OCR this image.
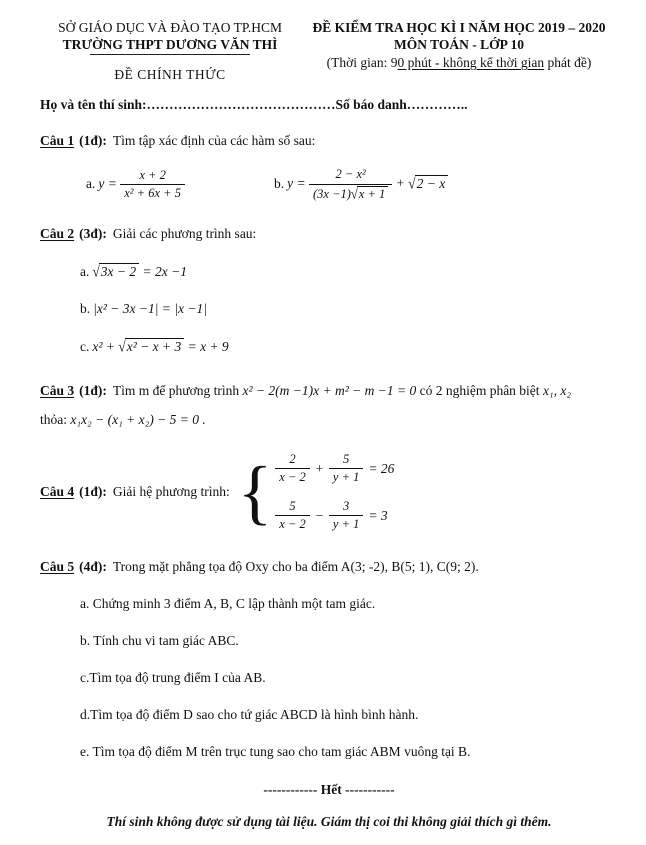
SỞ GIÁO DỤC VÀ ĐÀO TẠO TP.HCM
TRƯỜNG THPT DƯƠNG VĂN THÌ
ĐỀ CHÍNH THỨC
ĐỀ KIỂM TRA HỌC KÌ I NĂM HỌC 2019 – 2020
MÔN TOÁN - LỚP 10
(Thời gian: 90 phút - không kể thời gian phát đề)
Họ và tên thí sinh:……………………………………Số báo danh…………..

Câu 1 (1đ): Tìm tập xác định của các hàm số sau:

a. $y = \frac{x + 2}{\text{x² + 6x + 5}}$	b. $y = \frac{\text{2 − x²}}{(3x -1)√x + 1} + √2 - x$

Câu 2 (3đ): Giải các phương trình sau:

a. √3x − 2 = 2x −1

b. |x² − 3x −1| = |x −1|

c. x² + √x² − x + 3 = x + 9

Câu 3 (1đ): Tìm m để phương trình x² − 2(m −1)x + m² − m −1 = 0 có 2 nghiệm phân biệt x₁, x₂

thỏa: x₁x₂ − (x₁ + x₂) − 5 = 0 .

Câu 4 (1đ): Giải hệ phương trình: { $\frac{2}{x - 2} + \frac{5}{y + 1} = 26$
$\frac{5}{x - 2} - \frac{3}{y + 1} = 3$

Câu 5 (4đ): Trong mặt phẳng tọa độ Oxy cho ba điểm A(3; -2), B(5; 1), C(9; 2).

a. Chứng minh 3 điểm A, B, C lập thành một tam giác.

b. Tính chu vi tam giác ABC.

c.Tìm tọa độ trung điểm I của AB.

d.Tìm tọa độ điểm D sao cho tứ giác ABCD là hình bình hành.

e. Tìm tọa độ điểm M trên trục tung sao cho tam giác ABM vuông tại B.

------------ Hết -----------
Thí sinh không được sử dụng tài liệu. Giám thị coi thi không giải thích gì thêm.
